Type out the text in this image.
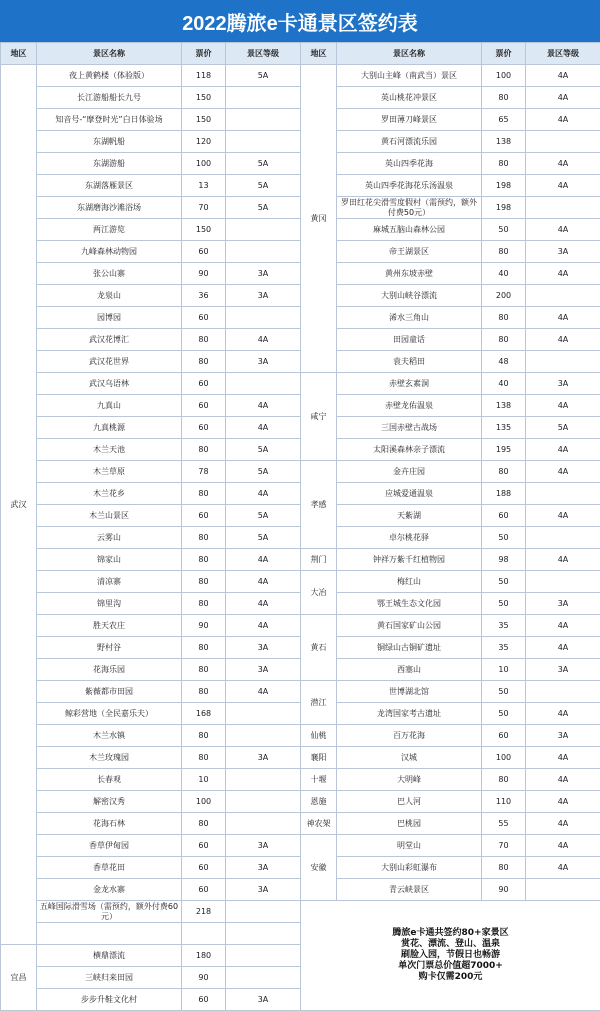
2022腾旅e卡通景区签约表
地区	景区名称	票价	景区等级	地区	景区名称	票价	景区等级
武汉	夜上黄鹤楼（体验版）	118	5A	黄冈	大别山主峰（南武当）景区	100	4A
	长江游船船长九号	150			英山桃花冲景区	80	4A
	知音号-“摩登时光”白日体验场	150			罗田薄刀峰景区	65	4A
	东湖帆船	120			黄石河漂流乐园	138	
	东湖游船	100	5A		英山四季花海	80	4A
	东湖落雁景区	13	5A		英山四季花海花乐汤温泉	198	4A
	东湖磨海沙滩浴场	70	5A		罗田红花尖滑雪度假村（需预约，额外付费50元）	198	
	两江游览	150			麻城五脑山森林公园	50	4A
	九峰森林动物园	60			帝王湖景区	80	3A
	张公山寨	90	3A		黄州东坡赤壁	40	4A
	龙泉山	36	3A		大别山峡谷漂流	200	
	园博园	60			浠水三角山	80	4A
	武汉花博汇	80	4A		田园童话	80	4A
	武汉花世界	80	3A		袁夫稻田	48	
	武汉乌语林	60		咸宁	赤壁玄素洞	40	3A
	九真山	60	4A		赤壁龙佑温泉	138	4A
	九真桃源	60	4A		三国赤壁古战场	135	5A
	木兰天池	80	5A		太阳溪森林亲子漂流	195	4A
	木兰草原	78	5A	孝感	金卉庄园	80	4A
	木兰花乡	80	4A		应城爱通温泉	188	
	木兰山景区	60	5A		天紫湖	60	4A
	云雾山	80	5A		卓尔桃花驿	50	
	锦家山	80	4A	荆门	钟祥万紫千红植物园	98	4A
	清凉寨	80	4A	大冶	梅红山	50	
	锦里沟	80	4A		鄂王城生态文化园	50	3A
	胜天农庄	90	4A	黄石	黄石国家矿山公园	35	4A
	野村谷	80	3A		铜绿山古铜矿遗址	35	4A
	花海乐园	80	3A		西塞山	10	3A
	紫薇都市田园	80	4A	潜江	世博湖北馆	50	
	鲸彩营地（全民嘉乐夫）	168			龙湾国家考古遗址	50	4A
	木兰水镇	80		仙桃	百万花海	60	3A
	木兰玫瑰园	80	3A	襄阳	汉城	100	4A
	长春观	10		十堰	大明峰	80	4A
	解密汉秀	100		恩施	巴人河	110	4A
	花海石林	80		神农架	巴桃园	55	4A
	香草伊甸园	60	3A	安徽	明堂山	70	4A
	香草花田	60	3A		大别山彩虹瀑布	80	4A
	金龙水寨	60	3A		青云峡景区	90	
	五峰国际滑雪场（需预约，额外付费60元）	218		腾旅e卡通共签约80+家景区
赏花、漂流、登山、温泉
刷脸入园，节假日也畅游
单次门票总价值超7000+
购卡仅需200元			

宜昌	横鼎漂流	180					
	三峡归来田园	90					
	步步升鞋文化村	60	3A				
